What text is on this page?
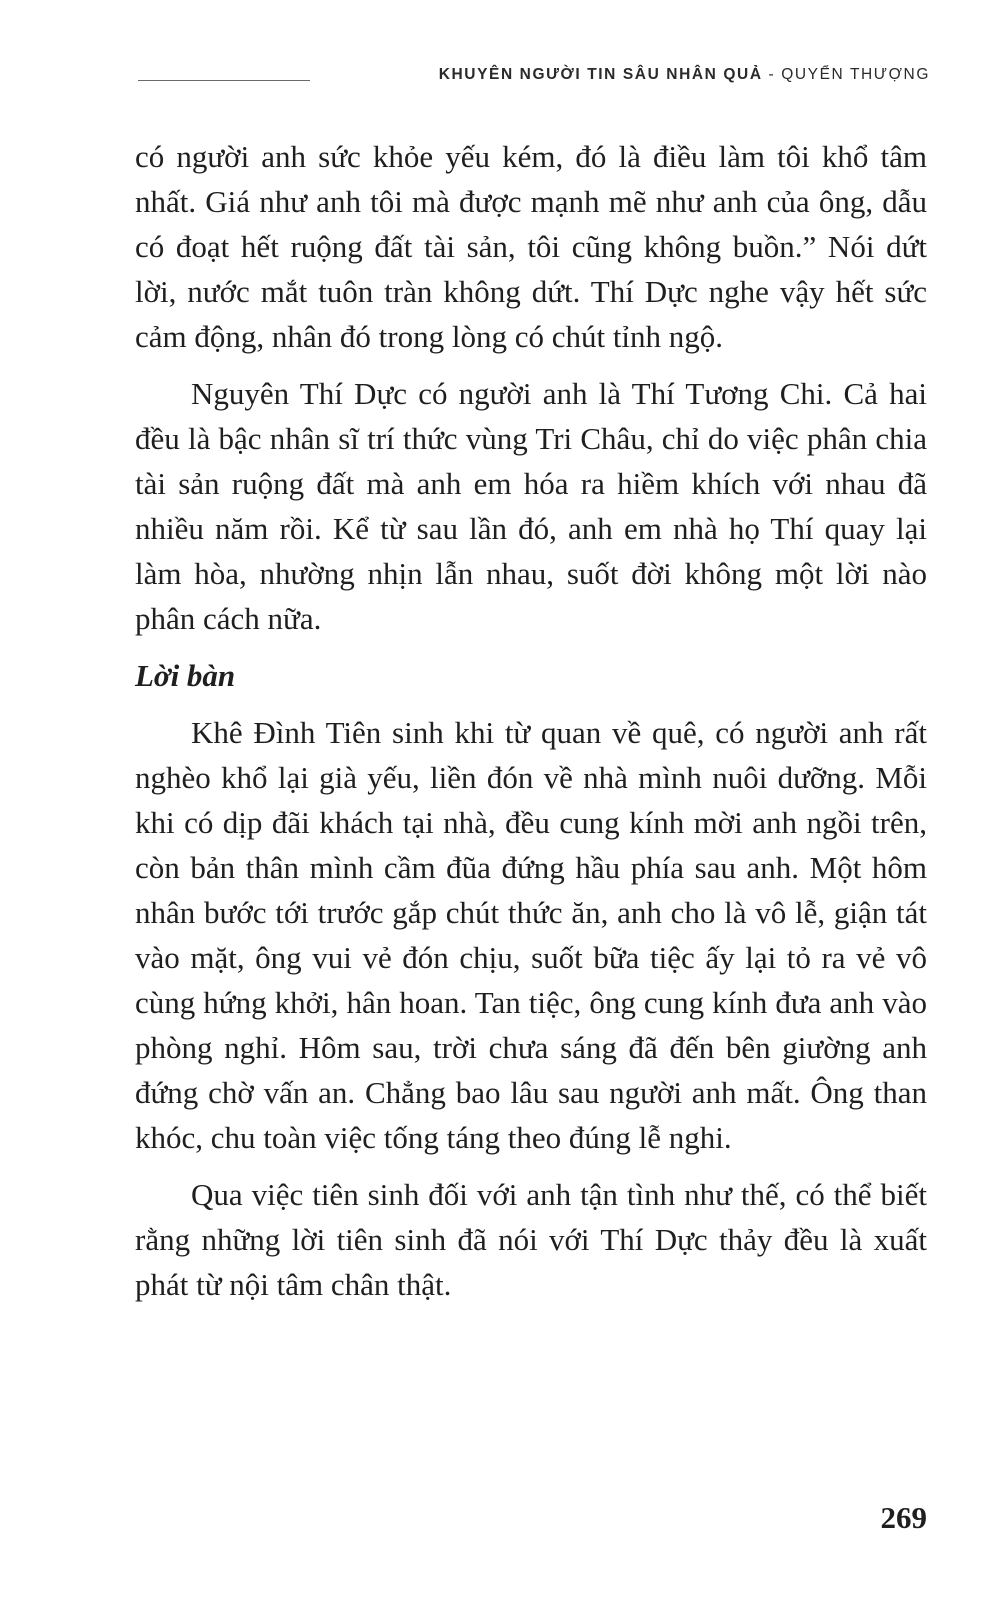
KHUYÊN NGƯỜI TIN SÂU NHÂN QUẢ - QUYỂN THƯỢNG

có người anh sức khỏe yếu kém, đó là điều làm tôi khổ tâm nhất. Giá như anh tôi mà được mạnh mẽ như anh của ông, dẫu có đoạt hết ruộng đất tài sản, tôi cũng không buồn.” Nói dứt lời, nước mắt tuôn tràn không dứt. Thí Dực nghe vậy hết sức cảm động, nhân đó trong lòng có chút tỉnh ngộ.

Nguyên Thí Dực có người anh là Thí Tương Chi. Cả hai đều là bậc nhân sĩ trí thức vùng Tri Châu, chỉ do việc phân chia tài sản ruộng đất mà anh em hóa ra hiềm khích với nhau đã nhiều năm rồi. Kể từ sau lần đó, anh em nhà họ Thí quay lại làm hòa, nhường nhịn lẫn nhau, suốt đời không một lời nào phân cách nữa.

Lời bàn

Khê Đình Tiên sinh khi từ quan về quê, có người anh rất nghèo khổ lại già yếu, liền đón về nhà mình nuôi dưỡng. Mỗi khi có dịp đãi khách tại nhà, đều cung kính mời anh ngồi trên, còn bản thân mình cầm đũa đứng hầu phía sau anh. Một hôm nhân bước tới trước gắp chút thức ăn, anh cho là vô lễ, giận tát vào mặt, ông vui vẻ đón chịu, suốt bữa tiệc ấy lại tỏ ra vẻ vô cùng hứng khởi, hân hoan. Tan tiệc, ông cung kính đưa anh vào phòng nghỉ. Hôm sau, trời chưa sáng đã đến bên giường anh đứng chờ vấn an. Chẳng bao lâu sau người anh mất. Ông than khóc, chu toàn việc tống táng theo đúng lễ nghi.

Qua việc tiên sinh đối với anh tận tình như thế, có thể biết rằng những lời tiên sinh đã nói với Thí Dực thảy đều là xuất phát từ nội tâm chân thật.

269
